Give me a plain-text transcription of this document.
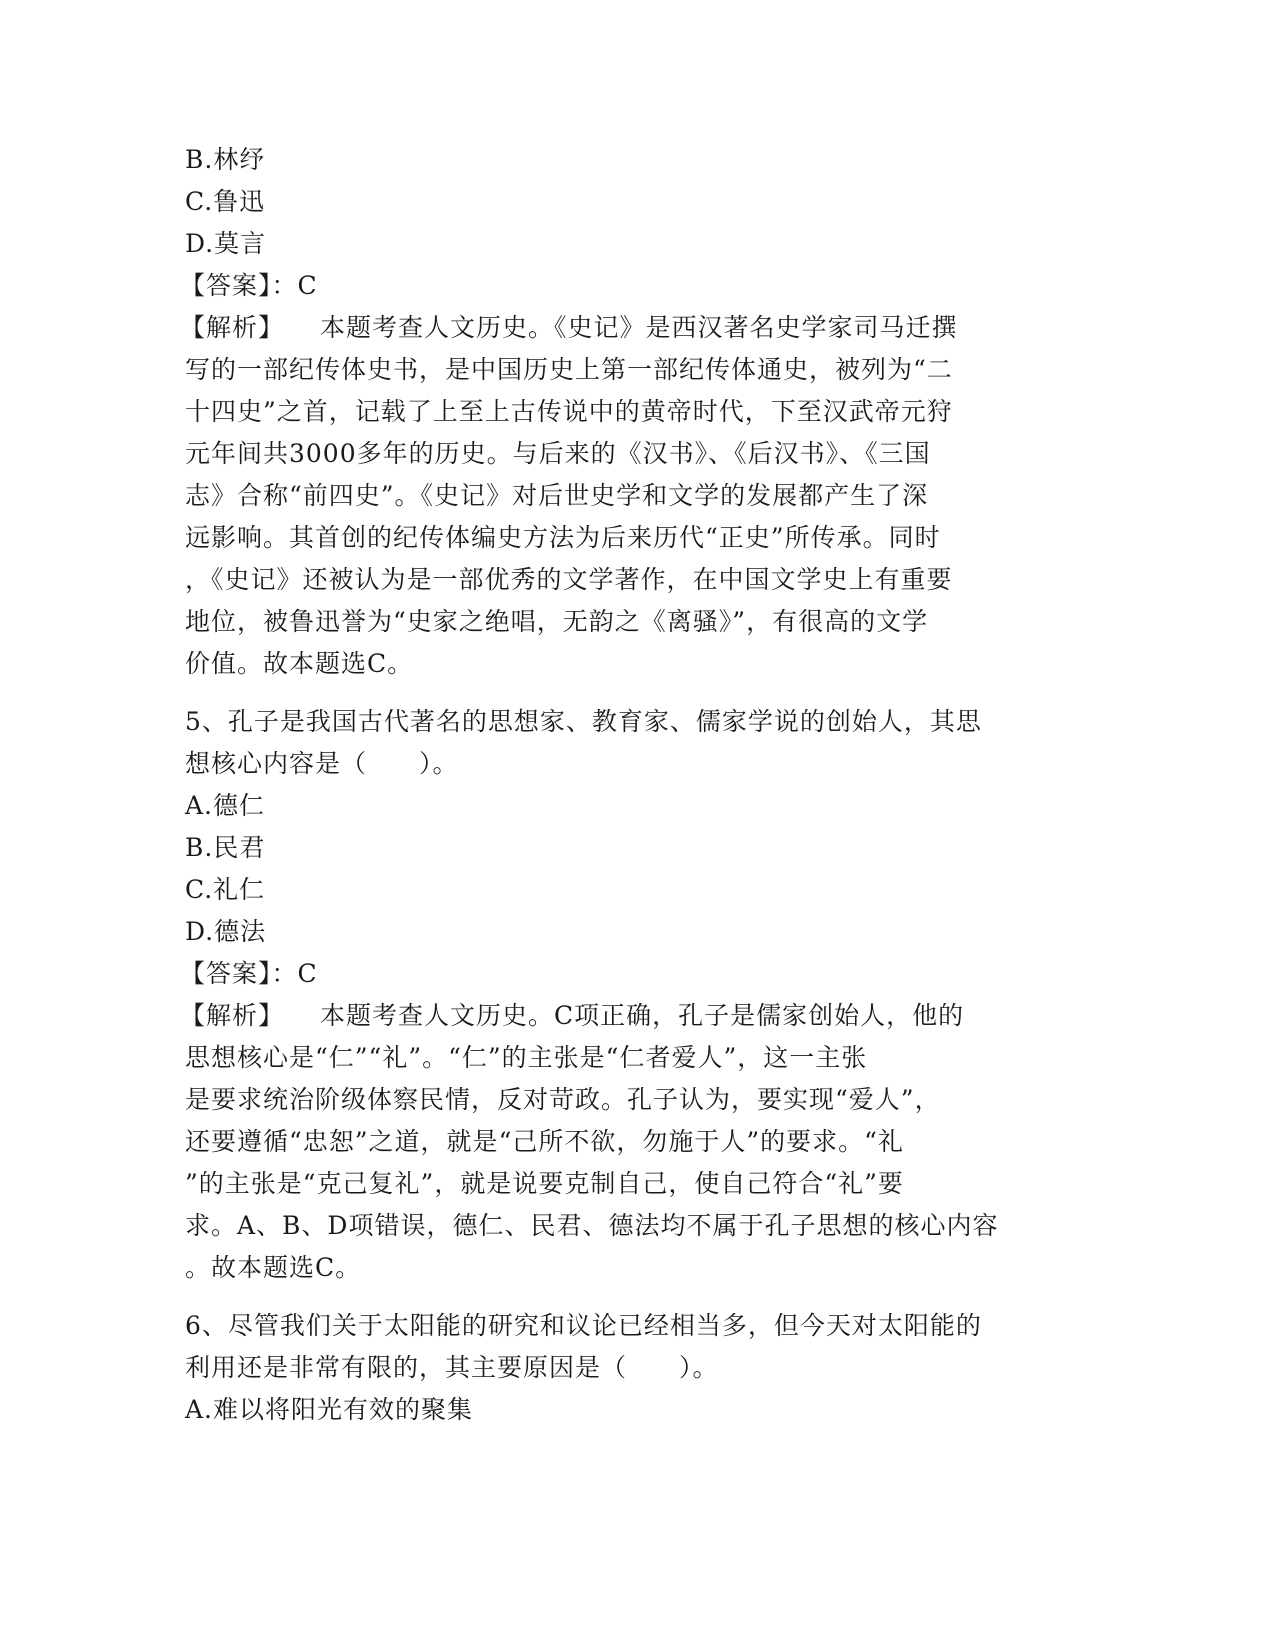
B.林纾
C.鲁迅
D.莫言
【答案】：C
【解析】 本题考查人文历史。《史记》是西汉著名史学家司马迁撰
写的一部纪传体史书，是中国历史上第一部纪传体通史，被列为“二
十四史”之首，记载了上至上古传说中的黄帝时代，下至汉武帝元狩
元年间共3000多年的历史。与后来的《汉书》、《后汉书》、《三国
志》合称“前四史”。《史记》对后世史学和文学的发展都产生了深
远影响。其首创的纪传体编史方法为后来历代“正史”所传承。同时
，《史记》还被认为是一部优秀的文学著作，在中国文学史上有重要
地位，被鲁迅誉为“史家之绝唱，无韵之《离骚》”，有很高的文学
价值。故本题选C。
5、孔子是我国古代著名的思想家、教育家、儒家学说的创始人，其思
想核心内容是（　　）。
A.德仁
B.民君
C.礼仁
D.德法
【答案】：C
【解析】 本题考查人文历史。C项正确，孔子是儒家创始人，他的
思想核心是“仁”“礼”。“仁”的主张是“仁者爱人”，这一主张
是要求统治阶级体察民情，反对苛政。孔子认为，要实现“爱人”，
还要遵循“忠恕”之道，就是“己所不欲，勿施于人”的要求。“礼
”的主张是“克己复礼”，就是说要克制自己，使自己符合“礼”要
求。A、B、D项错误，德仁、民君、德法均不属于孔子思想的核心内容
。故本题选C。
6、尽管我们关于太阳能的研究和议论已经相当多，但今天对太阳能的
利用还是非常有限的，其主要原因是（　　）。
A.难以将阳光有效的聚集
